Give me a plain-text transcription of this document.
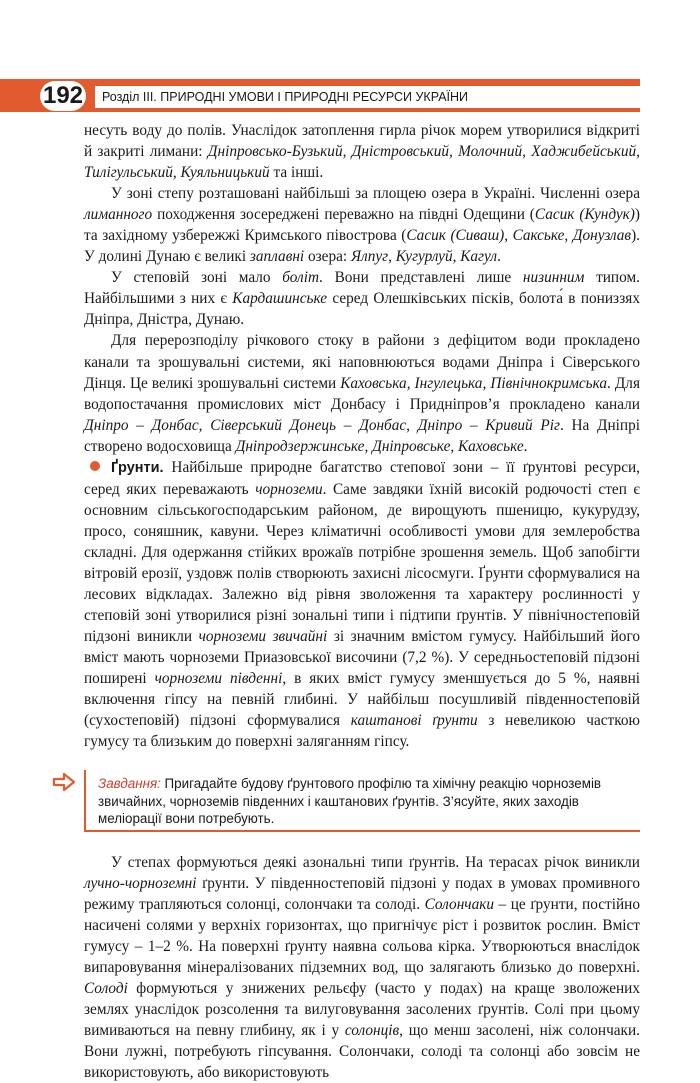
192 Розділ ІІІ. ПРИРОДНІ УМОВИ І ПРИРОДНІ РЕСУРСИ УКРАЇНИ

несуть воду до полів. Унаслідок затоплення гирла річок морем утворилися відкриті й закриті лимани: Дніпровсько-Бузький, Дністровський, Молочний, Хаджибейський, Тилігульський, Куяльницький та інші.

У зоні степу розташовані найбільші за площею озера в Україні. Численні озера лиманного походження зосереджені переважно на півдні Одещини (Сасик (Кундук)) та західному узбережжі Кримського півострова (Сасик (Сиваш), Сакське, Донузлав). У долині Дунаю є великі заплавні озера: Ялпуг, Кугурлуй, Кагул.

У степовій зоні мало боліт. Вони представлені лише низинним типом. Найбільшими з них є Кардашинське серед Олешківських пісків, болота́ в пониззях Дніпра, Дністра, Дунаю.

Для перерозподілу річкового стоку в райони з дефіцитом води прокладено канали та зрошувальні системи, які наповнюються водами Дніпра і Сіверського Дінця. Це великі зрошувальні системи Каховська, Інгулецька, Північнокримська. Для водопостачання промислових міст Донбасу і Придніпров’я прокладено канали Дніпро – Донбас, Сіверський Донець – Донбас, Дніпро – Кривий Ріг. На Дніпрі створено водосховища Дніпродзержинське, Дніпровське, Каховське.

Ґрунти. Найбільше природне багатство степової зони – її ґрунтові ресурси, серед яких переважають чорноземи. Саме завдяки їхній високій родючості степ є основним сільськогосподарським районом, де вирощують пшеницю, кукурудзу, просо, соняшник, кавуни. Через кліматичні особливості умови для землеробства складні. Для одержання стійких врожаїв потрібне зрошення земель. Щоб запобігти вітровій ерозії, уздовж полів створюють захисні лісосмуги. Ґрунти сформувалися на лесових відкладах. Залежно від рівня зволоження та характеру рослинності у степовій зоні утворилися різні зональні типи і підтипи ґрунтів. У північностеповій підзоні виникли чорноземи звичайні зі значним вмістом гумусу. Найбільший його вміст мають чорноземи Приазовської височини (7,2 %). У середньостеповій підзоні поширені чорноземи південні, в яких вміст гумусу зменшується до 5 %, наявні включення гіпсу на певній глибині. У найбільш посушливій південностеповій (сухостеповій) підзоні сформувалися каштанові ґрунти з невеликою часткою гумусу та близьким до поверхні заляганням гіпсу.

Завдання: Пригадайте будову ґрунтового профілю та хімічну реакцію чорноземів звичайних, чорноземів південних і каштанових ґрунтів. З’ясуйте, яких заходів меліорації вони потребують.

У степах формуються деякі азональні типи ґрунтів. На терасах річок виникли лучно-чорноземні ґрунти. У південностеповій підзоні у подах в умовах промивного режиму трапляються солонці, солончаки та солоді. Солончаки – це ґрунти, постійно насичені солями у верхніх горизонтах, що пригнічує ріст і розвиток рослин. Вміст гумусу – 1–2 %. На поверхні ґрунту наявна сольова кірка. Утворюються внаслідок випаровування мінералізованих підземних вод, що залягають близько до поверхні. Солоді формуються у знижених рельєфу (часто у подах) на краще зволожених землях унаслідок розсолення та вилуговування засолених ґрунтів. Солі при цьому вимиваються на певну глибину, як і у солонців, що менш засолені, ніж солончаки. Вони лужні, потребують гіпсування. Солончаки, солоді та солонці або зовсім не використовують, або використовують
